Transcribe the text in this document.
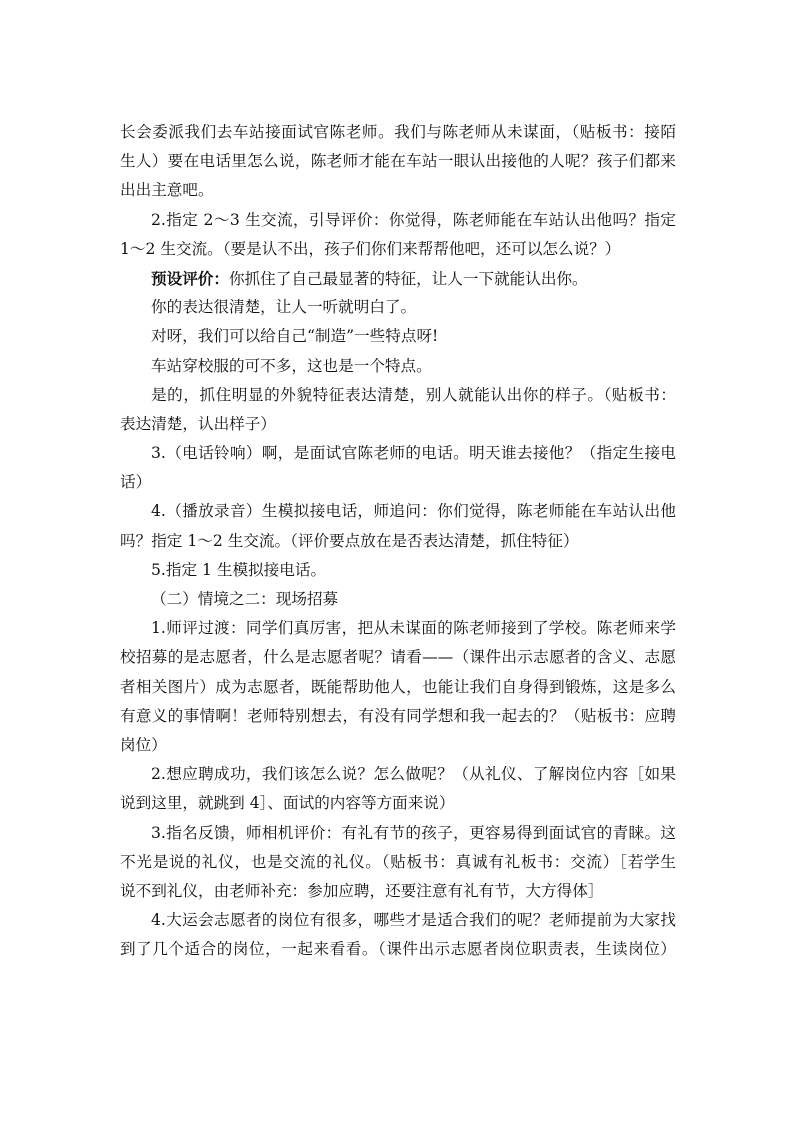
长会委派我们去车站接面试官陈老师。我们与陈老师从未谋面，（贴板书：接陌
生人）要在电话里怎么说，陈老师才能在车站一眼认出接他的人呢？孩子们都来
出出主意吧。
2.指定 2～3 生交流，引导评价：你觉得，陈老师能在车站认出他吗？指定
1～2 生交流。（要是认不出，孩子们你们来帮帮他吧，还可以怎么说？）
预设评价：你抓住了自己最显著的特征，让人一下就能认出你。
你的表达很清楚，让人一听就明白了。
对呀，我们可以给自己“制造”一些特点呀!
车站穿校服的可不多，这也是一个特点。
是的，抓住明显的外貌特征表达清楚，别人就能认出你的样子。（贴板书：
表达清楚，认出样子）
3.（电话铃响）啊，是面试官陈老师的电话。明天谁去接他？（指定生接电
话）
4.（播放录音）生模拟接电话，师追问：你们觉得，陈老师能在车站认出他
吗？指定 1～2 生交流。（评价要点放在是否表达清楚，抓住特征）
5.指定 1 生模拟接电话。
（二）情境之二：现场招募
1.师评过渡：同学们真厉害，把从未谋面的陈老师接到了学校。陈老师来学
校招募的是志愿者，什么是志愿者呢？请看——（课件出示志愿者的含义、志愿
者相关图片）成为志愿者，既能帮助他人，也能让我们自身得到锻炼，这是多么
有意义的事情啊！老师特别想去，有没有同学想和我一起去的？（贴板书：应聘
岗位）
2.想应聘成功，我们该怎么说？怎么做呢？（从礼仪、了解岗位内容［如果
说到这里，就跳到 4］、面试的内容等方面来说）
3.指名反馈，师相机评价：有礼有节的孩子，更容易得到面试官的青睐。这
不光是说的礼仪，也是交流的礼仪。（贴板书：真诚有礼板书：交流）［若学生
说不到礼仪，由老师补充：参加应聘，还要注意有礼有节，大方得体］
4.大运会志愿者的岗位有很多，哪些才是适合我们的呢？老师提前为大家找
到了几个适合的岗位，一起来看看。（课件出示志愿者岗位职责表，生读岗位）
